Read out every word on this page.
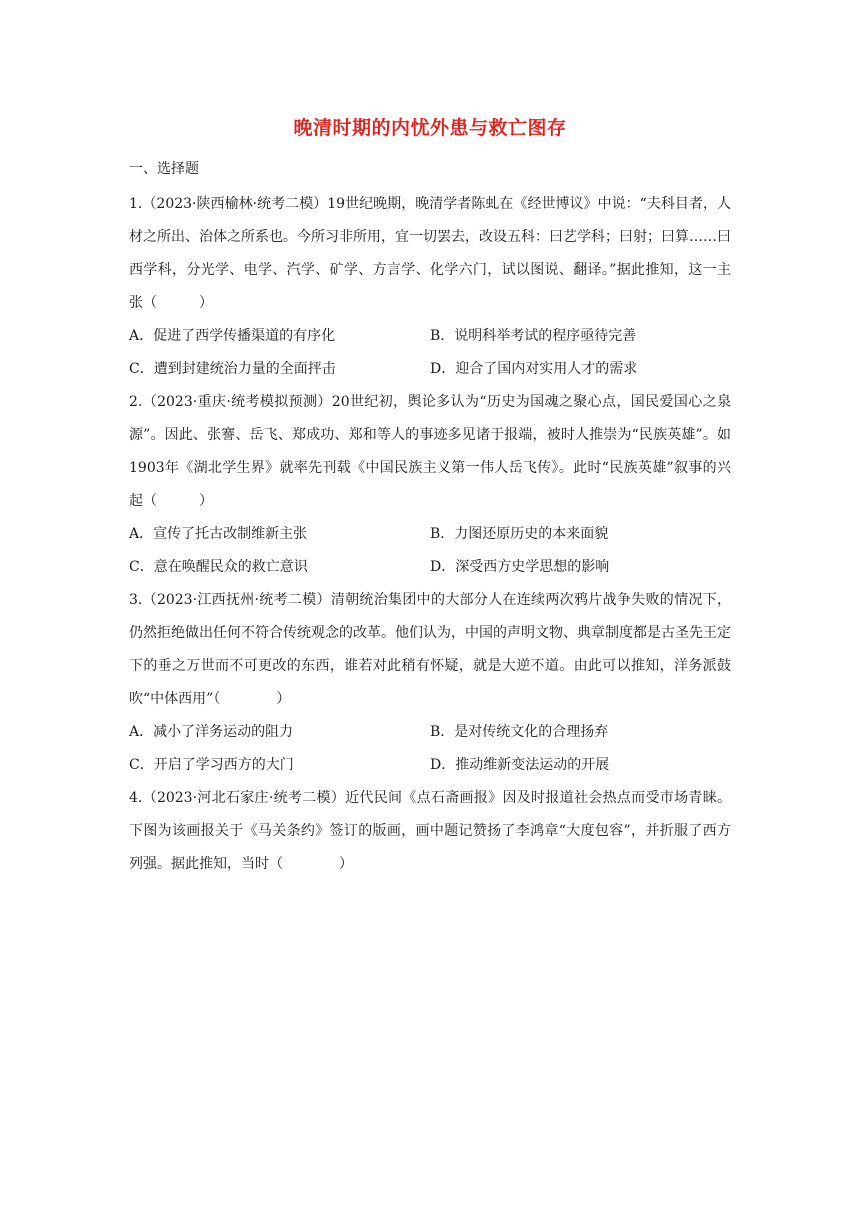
晚清时期的内忧外患与救亡图存
一、选择题

1.（2023·陕西榆林·统考二模）19世纪晚期，晚清学者陈虬在《经世博议》中说：“夫科目者，人材之所出、治体之所系也。今所习非所用，宜一切罢去，改设五科：曰艺学科；曰射；曰算……曰西学科，分光学、电学、汽学、矿学、方言学、化学六门，试以图说、翻译。”据此推知，这一主张（　　　）

A．促进了西学传播渠道的有序化	B．说明科举考试的程序亟待完善
C．遭到封建统治力量的全面抨击	D．迎合了国内对实用人才的需求

2.（2023·重庆·统考模拟预测）20世纪初，舆论多认为“历史为国魂之聚心点，国民爱国心之泉源”。因此、张謇、岳飞、郑成功、郑和等人的事迹多见诸于报端，被时人推崇为“民族英雄”。如1903年《湖北学生界》就率先刊载《中国民族主义第一伟人岳飞传》。此时“民族英雄”叙事的兴起（　　　）

A．宣传了托古改制维新主张	B．力图还原历史的本来面貌
C．意在唤醒民众的救亡意识	D．深受西方史学思想的影响

3.（2023·江西抚州·统考二模）清朝统治集团中的大部分人在连续两次鸦片战争失败的情况下，仍然拒绝做出任何不符合传统观念的改革。他们认为，中国的声明文物、典章制度都是古圣先王定下的垂之万世而不可更改的东西，谁若对此稍有怀疑，就是大逆不道。由此可以推知，洋务派鼓吹“中体西用”（　　　　）

A．减小了洋务运动的阻力	B．是对传统文化的合理扬弃
C．开启了学习西方的大门	D．推动维新变法运动的开展

4.（2023·河北石家庄·统考二模）近代民间《点石斋画报》因及时报道社会热点而受市场青睐。下图为该画报关于《马关条约》签订的版画，画中题记赞扬了李鸿章“大度包容”，并折服了西方列强。据此推知，当时（　　　　）
